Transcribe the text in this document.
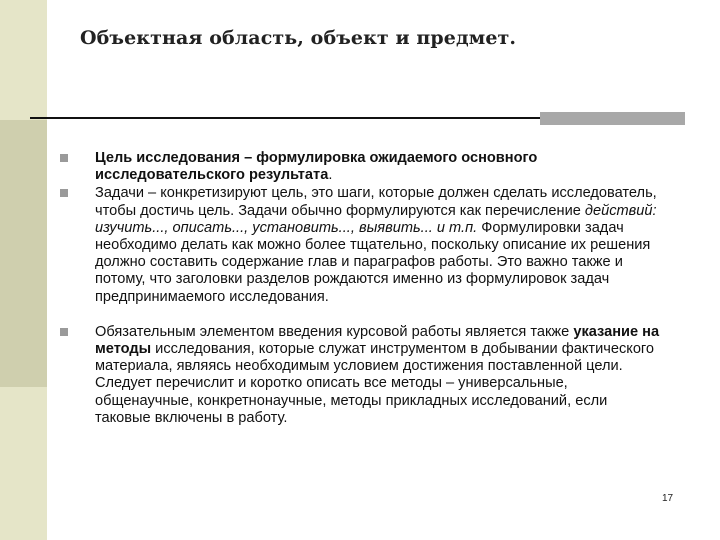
Объектная область, объект и предмет.
Цель исследования – формулировка ожидаемого основного исследовательского результата.
Задачи – конкретизируют цель, это шаги, которые должен сделать исследователь, чтобы достичь цель. Задачи обычно формулируются как перечисление действий: изучить..., описать..., установить..., выявить... и т.п. Формулировки задач необходимо делать как можно более тщательно, поскольку описание их решения должно составить содержание глав и параграфов работы. Это важно также и потому, что заголовки разделов рождаются именно из формулировок задач предпринимаемого исследования.
Обязательным элементом введения курсовой работы является также указание на методы исследования, которые служат инструментом в добывании фактического материала, являясь необходимым условием достижения поставленной цели. Следует перечислит и коротко описать все методы – универсальные, общенаучные, конкретнонаучные, методы прикладных исследований, если таковые включены в работу.
17
